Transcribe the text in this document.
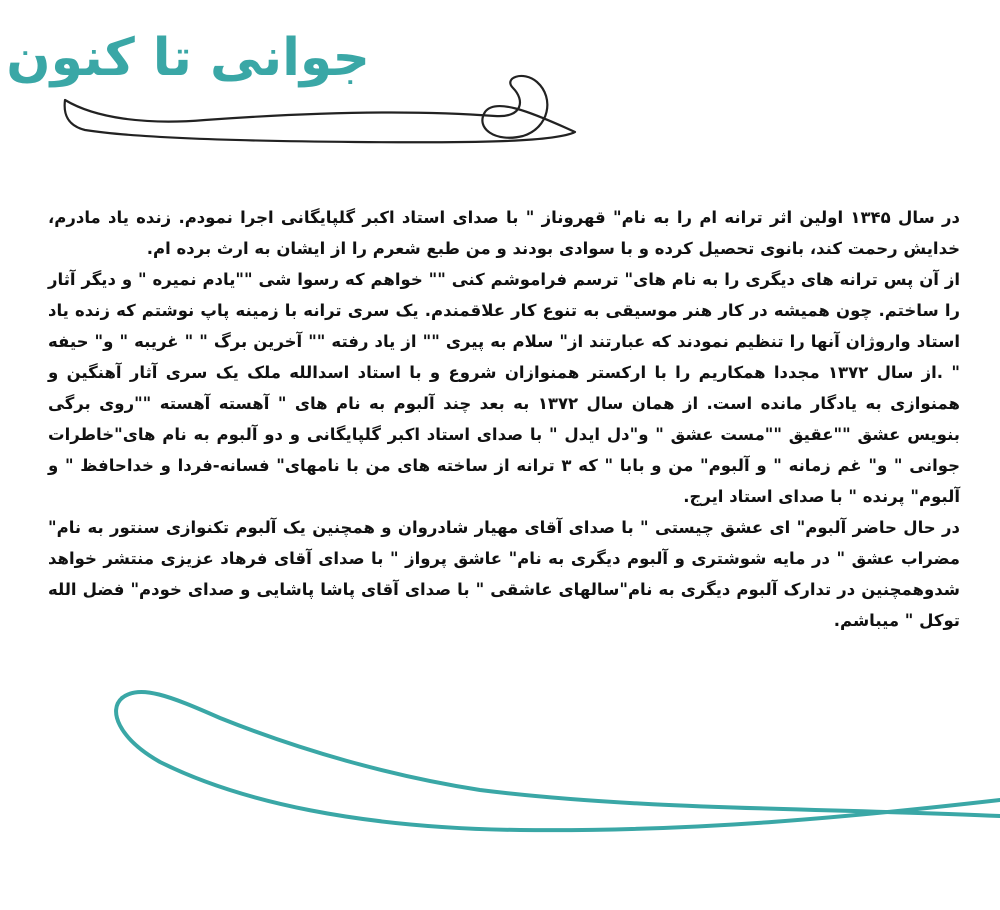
جوانی تا کنون

در سال ۱۳۴۵ اولین اثر ترانه ام را به نام" قهروناز " با صدای استاد اکبر گلپایگانی اجرا نمودم. زنده یاد مادرم، خدایش رحمت کند، بانوی تحصیل کرده و با سوادی بودند و من طبع شعرم را از ایشان به ارث برده ام.

از آن پس ترانه های دیگری را به نام های" ترسم فراموشم کنی "" خواهم که رسوا شی ""یادم نمیره " و دیگر آثار را ساختم. چون همیشه در کار هنر موسیقی به تنوع کار علاقمندم. یک سری ترانه با زمینه پاپ نوشتم که زنده یاد استاد واروژان آنها را تنظیم نمودند که عبارتند از" سلام به پیری "" از یاد رفته "" آخرین برگ " " غریبه " و" حیفه " .از سال ۱۳۷۲ مجددا همکاریم را با ارکستر همنوازان شروع و با استاد اسدالله ملک یک سری آثار آهنگین و همنوازی به یادگار مانده است. از همان سال ۱۳۷۲ به بعد چند آلبوم به نام های " آهسته آهسته ""روی برگی بنویس عشق ""عقیق ""مست عشق " و"دل ایدل " با صدای استاد اکبر گلپایگانی و دو آلبوم به نام های"خاطرات جوانی " و" غم زمانه " و آلبوم" من و بابا " که ۳ ترانه از ساخته های من با نامهای" فسانه-فردا و خداحافظ " و آلبوم" پرنده " با صدای استاد ایرج.

در حال حاضر آلبوم" ای عشق چیستی " با صدای آقای مهیار شادروان و همچنین یک آلبوم تکنوازی سنتور به نام" مضراب عشق " در مایه شوشتری و آلبوم دیگری به نام" عاشق پرواز " با صدای آقای فرهاد عزیزی منتشر خواهد شدوهمچنین در تدارک آلبوم دیگری به نام"سالهای عاشقی " با صدای آقای پاشا پاشایی و صدای خودم" فضل الله توکل " میباشم.
